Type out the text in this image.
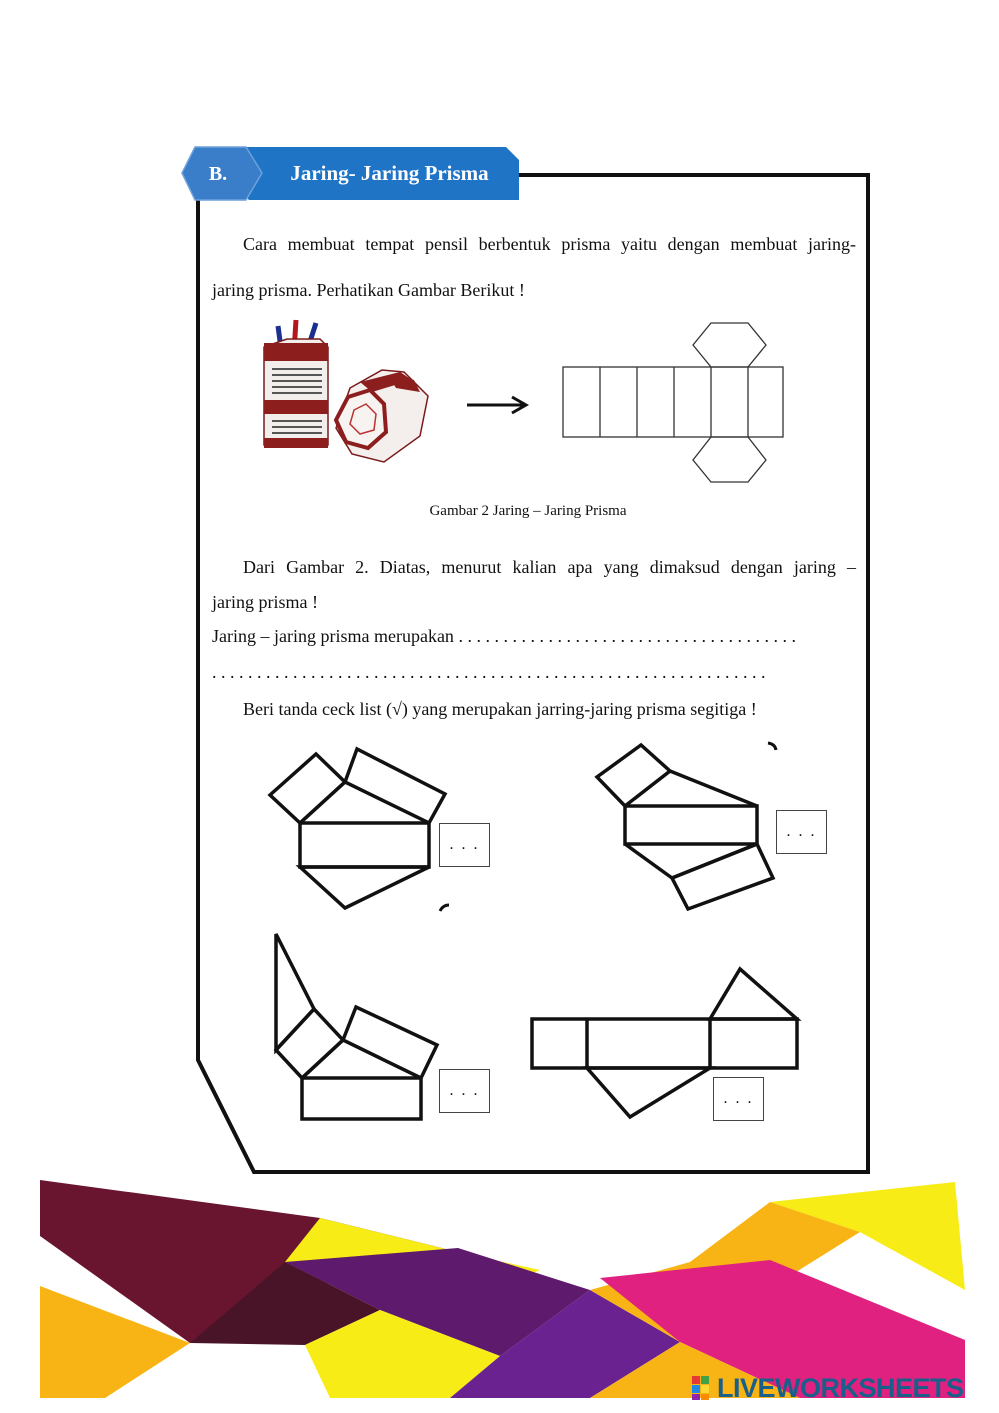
B.	Jaring- Jaring Prisma
Cara membuat tempat pensil berbentuk prisma yaitu dengan membuat jaring-
jaring prisma. Perhatikan Gambar Berikut !
Gambar 2 Jaring – Jaring Prisma
Dari Gambar 2. Diatas, menurut kalian apa yang dimaksud dengan jaring –
jaring prisma !
Jaring – jaring prisma merupakan . . . . . . . . . . . . . . . . . . . . . . . . . . . . . . . . . . . . . .
. . . . . . . . . . . . . . . . . . . . . . . . . . . . . . . . . . . . . . . . . . . . . . . . . . . . . . . . . . . . . .
Beri tanda ceck list (√) yang merupakan jarring-jaring prisma segitiga !
. . .
. . .
. . .	. . .
LIVEWORKSHEETS
